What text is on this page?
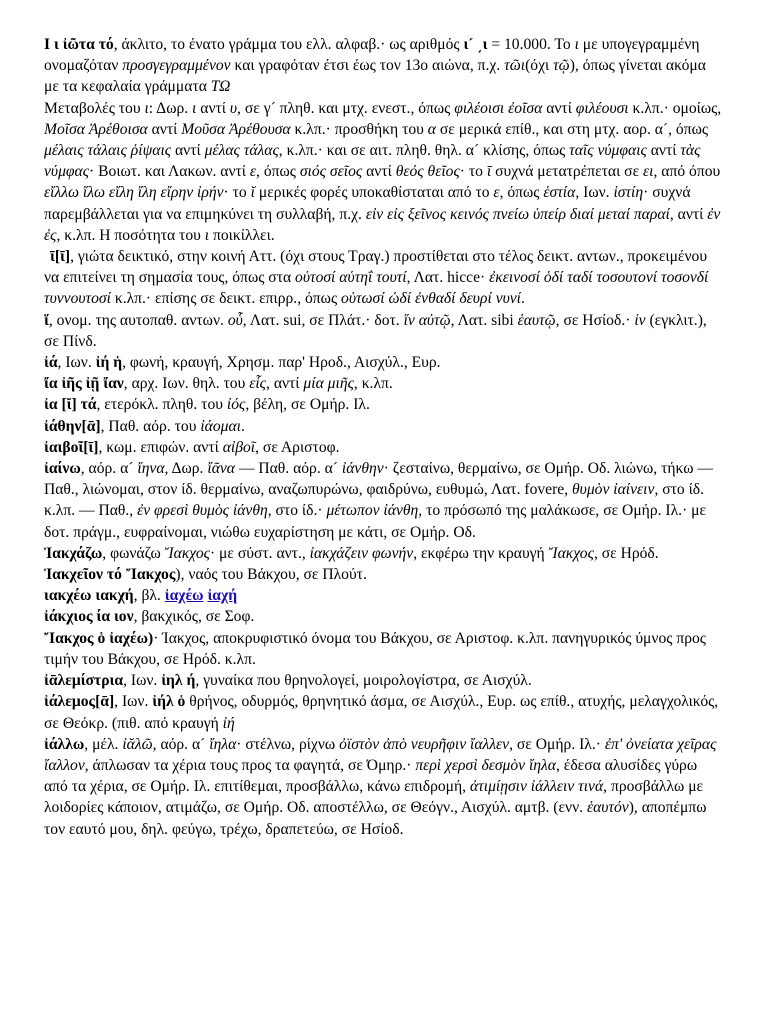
Ι ι ἰῶτα τό, άκλιτο, το ένατο γράμμα του ελλ. αλφαβ.· ως αριθμός ι´ ͵ι = 10.000. Το ι με υπογεγραμμένη ονομαζόταν προσγεγραμμένον και γραφόταν έτσι έως τον 13ο αιώνα, π.χ. τῶι(όχι τῷ), όπως γίνεται ακόμα με τα κεφαλαία γράμματα ΤΩ
Μεταβολές του ι: Δωρ. ι αντί υ, σε γ´ πληθ. και μτχ. ενεστ., όπως φιλέοισι ἐοῖσα αντί φιλέουσι κ.λπ.· ομοίως, Μοῖσα Ἀρέθοισα αντί Μοῦσα Ἀρέθουσα κ.λπ.· προσθήκη του α σε μερικά επίθ., και στη μτχ. αορ. α´, όπως μέλαις τάλαις ῥίψαις αντί μέλας τάλας, κ.λπ.· και σε αιτ. πληθ. θηλ. α´ κλίσης, όπως ταῖς νύμφαις αντί τὰς νύμφας· Βοιωτ. και Λακων. αντί ε, όπως σιός σεῖος αντί θεός θεῖος· το ῑ συχνά μετατρέπεται σε ει, από όπου εἴλλω ἴλω εἴλη ἴλη εἴρην ἰρήν· το ῐ μερικές φορές υποκαθίσταται από το ε, όπως ἑστία, Ιων. ἱστίη· συχνά παρεμβάλλεται για να επιμηκύνει τη συλλαβή, π.χ. εἰν εἰς ξεῖνος κεινός πνείω ὑπείρ διαί μεταί παραί, αντί ἐν ἐς, κ.λπ. Η ποσότητα του ι ποικίλλει.

ῑ[ῑ], γιώτα δεικτικό, στην κοινή Αττ. (όχι στους Τραγ.) προστίθεται στο τέλος δεικτ. αντων., προκειμένου να επιτείνει τη σημασία τους, όπως στα οὑτοσί αὑτηΐ τουτί, Λατ. hicce· ἐκεινοσί ὁδί ταδί τοσουτονί τοσονδί τυννουτοσί κ.λπ.· επίσης σε δεικτ. επιρρ., όπως οὑτωσί ὡδί ἐνθαδί δευρί νυνί.

ἵ, ονομ. της αυτοπαθ. αντων. οὗ, Λατ. sui, σε Πλάτ.· δοτ. ἵν αὐτῷ, Λατ. sibi ἑαυτῷ, σε Ησίοδ.· ἱν (εγκλιτ.), σε Πίνδ.

ἰά, Ιων. ἰή ἡ, φωνή, κραυγή, Χρησμ. παρ' Ηροδ., Αισχύλ., Ευρ.

ἴα ἰῆς ἰῇ ἴαν, αρχ. Ιων. θηλ. του εἷς, αντί μία μιῆς, κ.λπ.

ἰα [ῐ] τά, ετερόκλ. πληθ. του ἰός, βέλη, σε Ομήρ. Ιλ.

ἰάθην[ᾱ], Παθ. αόρ. του ἰάομαι.

ἰαιβοῖ[ῑ], κωμ. επιφών. αντί αἰβοῖ, σε Αριστοφ.

ἰαίνω, αόρ. α´ ἴηνα, Δωρ. ἴᾶνα — Παθ. αόρ. α´ ἰάνθην· ζεσταίνω, θερμαίνω, σε Ομήρ. Οδ. λιώνω, τήκω — Παθ., λιώνομαι, στον ίδ. θερμαίνω, αναζωπυρώνω, φαιδρύνω, ευθυμώ, Λατ. fovere, θυμὸν ἰαίνειν, στο ίδ. κ.λπ. — Παθ., ἐν φρεσὶ θυμὸς ἰάνθη, στο ίδ.· μέτωπον ἰάνθη, το πρόσωπό της μαλάκωσε, σε Ομήρ. Ιλ.· με δοτ. πράγμ., ευφραίνομαι, νιώθω ευχαρίστηση με κάτι, σε Ομήρ. Οδ.

Ἰακχάζω, φωνάζω Ἴακχος· με σύστ. αντ., ἰακχάζειν φωνήν, εκφέρω την κραυγή Ἴακχος, σε Ηρόδ.

Ἰακχεῖον τό Ἴακχος), ναός του Βάκχου, σε Πλούτ.

ιακχέω ιακχή, βλ. ἰαχέω ἰαχή

ἰάκχιος ία ιον, βακχικός, σε Σοφ.

Ἴακχος ὁ ἰαχέω)· Ίακχος, αποκρυφιστικό όνομα του Βάκχου, σε Αριστοφ. κ.λπ. πανηγυρικός ύμνος προς τιμήν του Βάκχου, σε Ηρόδ. κ.λπ.

ἰᾱλεμίστρια, Ιων. ἰηλ ή, γυναίκα που θρηνολογεί, μοιρολογίστρα, σε Αισχύλ.

ἰάλεμος[ᾱ], Ιων. ἰήλ ὁ θρήνος, οδυρμός, θρηνητικό άσμα, σε Αισχύλ., Ευρ. ως επίθ., ατυχής, μελαγχολικός, σε Θεόκρ. (πιθ. από κραυγή ἰή

ἰάλλω, μέλ. ἰᾰλῶ, αόρ. α´ ἴηλα· στέλνω, ρίχνω ὀϊστὸν ἀπὸ νευρῆφιν ἴαλλεν, σε Ομήρ. Ιλ.· ἐπ' ὀνείατα χεῖρας ἴαλλον, άπλωσαν τα χέρια τους προς τα φαγητά, σε Όμηρ.· περὶ χερσὶ δεσμὸν ἴηλα, έδεσα αλυσίδες γύρω από τα χέρια, σε Ομήρ. Ιλ. επιτίθεμαι, προσβάλλω, κάνω επιδρομή, ἀτιμίῃσιν ἰάλλειν τινά, προσβάλλω με λοιδορίες κάποιον, ατιμάζω, σε Ομήρ. Οδ. αποστέλλω, σε Θεόγν., Αισχύλ. αμτβ. (ενν. ἑαυτόν), αποπέμπω τον εαυτό μου, δηλ. φεύγω, τρέχω, δραπετεύω, σε Ησίοδ.
